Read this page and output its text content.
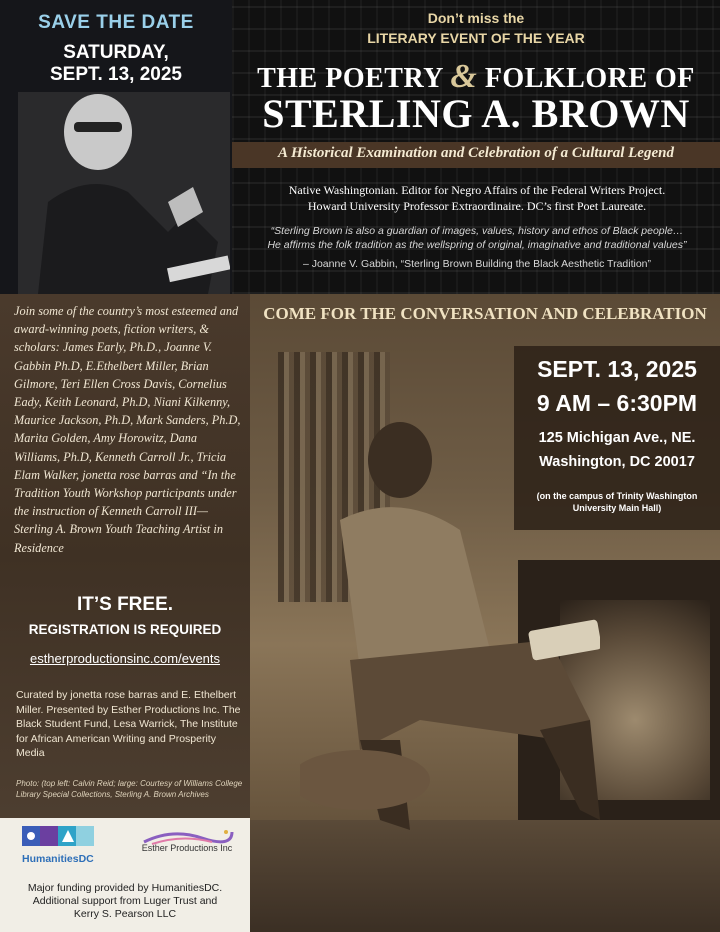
SAVE THE DATE
SATURDAY,
SEPT. 13, 2025
Don’t miss the
LITERARY EVENT OF THE YEAR
THE POETRY & FOLKLORE OF
STERLING A. BROWN
A Historical Examination and Celebration of a Cultural Legend
Native Washingtonian. Editor for Negro Affairs of the Federal Writers Project.
Howard University Professor Extraordinaire. DC’s first Poet Laureate.
“Sterling Brown is also a guardian of images, values, history and ethos of Black people…
He affirms the folk tradition as the wellspring of original, imaginative and traditional values”
– Joanne V. Gabbin, “Sterling Brown Building the Black Aesthetic Tradition”
COME FOR THE CONVERSATION AND CELEBRATION
SEPT. 13, 2025
9 AM – 6:30PM
125 Michigan Ave., NE.
Washington, DC 20017
(on the campus of Trinity Washington
University Main Hall)
Join some of the country’s most esteemed and award-winning poets, fiction writers, & scholars: James Early, Ph.D., Joanne V. Gabbin Ph.D, E.Ethelbert Miller, Brian Gilmore, Teri Ellen Cross Davis, Cornelius Eady, Keith Leonard, Ph.D, Niani Kilkenny, Maurice Jackson, Ph.D, Mark Sanders, Ph.D, Marita Golden, Amy Horowitz, Dana Williams, Ph.D, Kenneth Carroll Jr., Tricia Elam Walker, jonetta rose barras and “In the Tradition Youth Workshop participants under the instruction of Kenneth Carroll III— Sterling A. Brown Youth Teaching Artist in Residence
IT’S FREE.
REGISTRATION IS REQUIRED
estherproductionsinc.com/events
Curated by jonetta rose barras and E. Ethelbert Miller. Presented by Esther Productions Inc. The Black Student Fund, Lesa Warrick, The Institute for African American Writing and Prosperity Media
Photo: (top left: Calvin Reid; large: Courtesy of Williams College Library Special Collections, Sterling A. Brown Archives
HumanitiesDC
Esther Productions Inc
Major funding provided by HumanitiesDC.
Additional support from Luger Trust and
Kerry S. Pearson LLC
